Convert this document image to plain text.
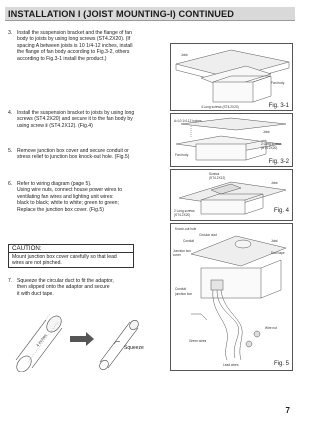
INSTALLATION I (JOIST MOUNTING-I) CONTINUED
3. Install the suspension bracket and the flange of fan
body to joists by using long screws (ST4.2X20). (If
spacing A between joists is 10 1/4-12 inches, install
the flange of fan body according to Fig.3-2, others
according to Fig.3-1 install the product.)
4. Install the suspension bracket to joists by using long
screws (ST4.2X20) and secure it to the fan body by
using screw Ⅱ (ST4.2X12). (Fig.4)
5. Remove junction box cover and secure conduit or
stress relief to junction box knock-out hole. (Fig.5)
6. Refer to wiring diagram (page 5).
Using wire nuts, connect house power wires to
ventilating fan wires and lighting unit wires:
black to black; white to white; green to green;
Replace the junction box cover. (Fig.5)
CAUTION:
Mount junction box cover carefully so that lead
wires are not pinched.
7. Squeeze the circular duct to fit the adaptor,
then slipped onto the adaptor and secure
it with duct tape.
4 inches
Squeeze
Joist
Fan body
4 Long screws (ST4.2X20)	Fig. 3-1
A=10 1/4-12 inches
Joist
2 Long screws
(ST4.2X20)
Fan body
Fig. 3-2
ScrewⅡ
(ST4.2X12)
Joist
2 Long screws
(ST4.2X20)
Fig. 4
Knock-out hole
Circular duct
Conduit
Junction box
cover
Joist
Duct tape
Conduit
junction box
Wire nut
Green wires
Lead wires	Fig. 5
7
